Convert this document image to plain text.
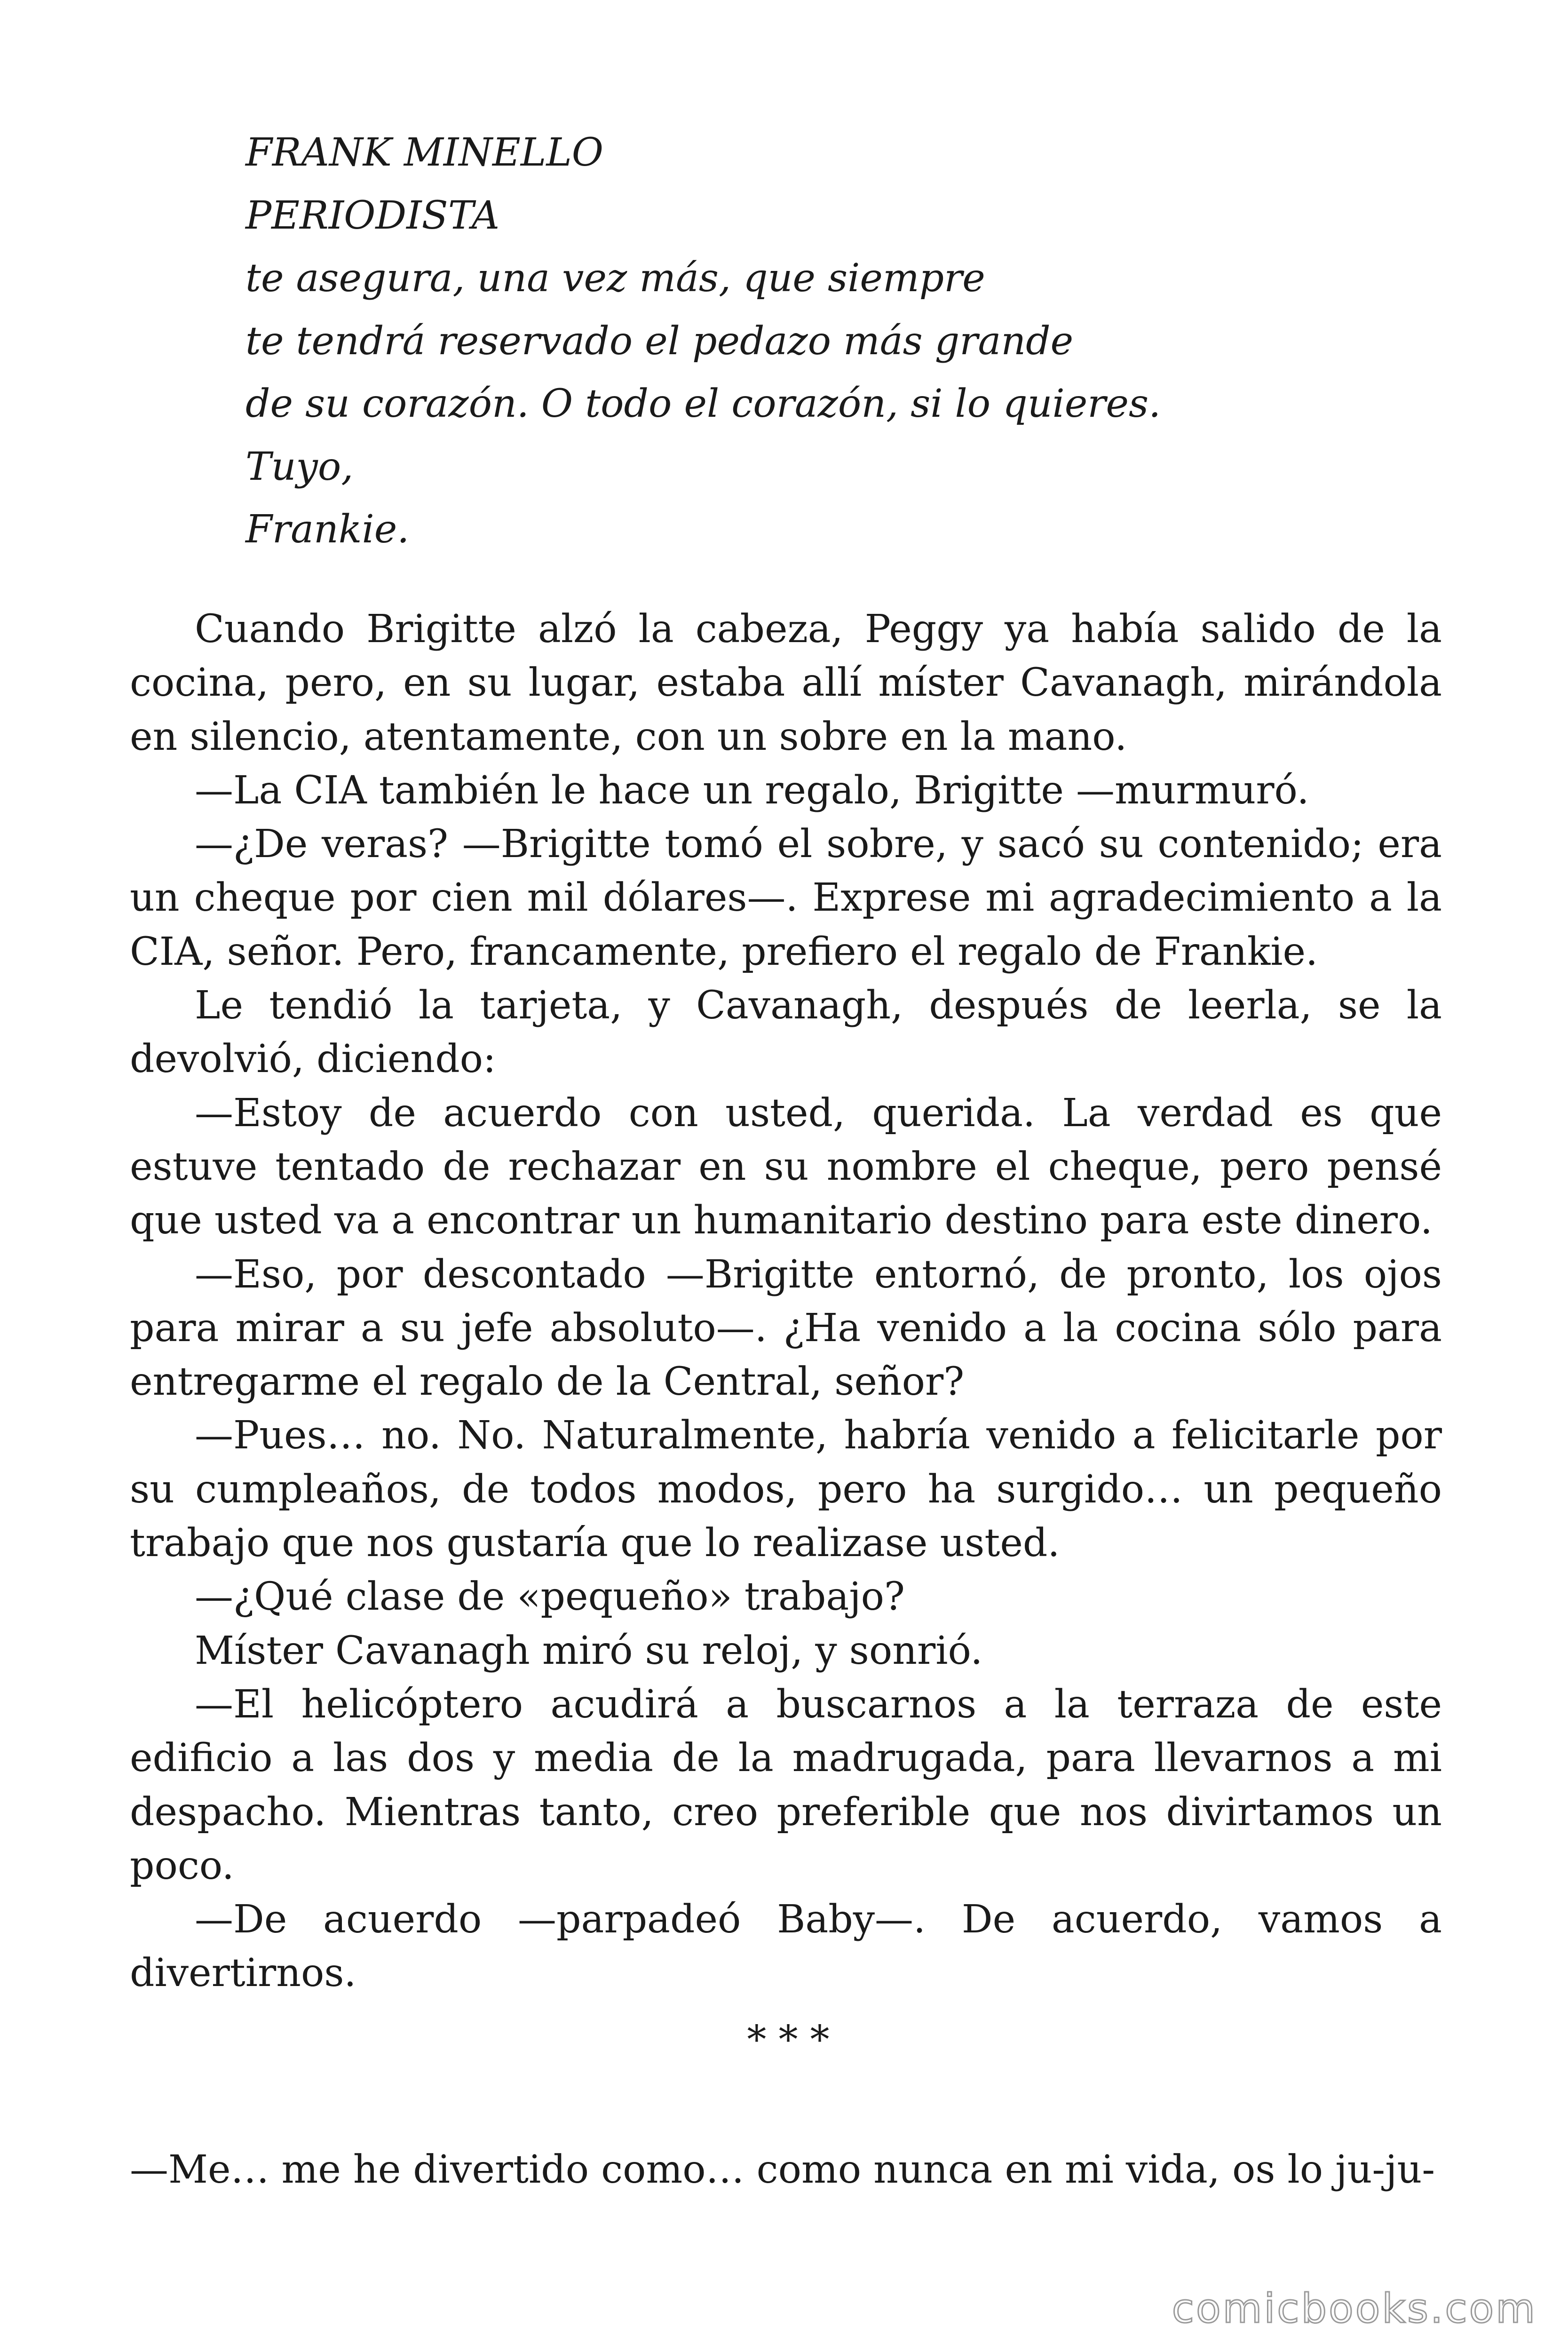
FRANK MINELLO
PERIODISTA
te asegura, una vez más, que siempre
te tendrá reservado el pedazo más grande
de su corazón. O todo el corazón, si lo quieres.
Tuyo,
Frankie.

Cuando Brigitte alzó la cabeza, Peggy ya había salido de la cocina, pero, en su lugar, estaba allí míster Cavanagh, mirándola en silencio, atentamente, con un sobre en la mano.

—La CIA también le hace un regalo, Brigitte —murmuró.

—¿De veras? —Brigitte tomó el sobre, y sacó su contenido; era un cheque por cien mil dólares—. Exprese mi agradecimiento a la CIA, señor. Pero, francamente, prefiero el regalo de Frankie.

Le tendió la tarjeta, y Cavanagh, después de leerla, se la devolvió, diciendo:

—Estoy de acuerdo con usted, querida. La verdad es que estuve tentado de rechazar en su nombre el cheque, pero pensé que usted va a encontrar un humanitario destino para este dinero.

—Eso, por descontado —Brigitte entornó, de pronto, los ojos para mirar a su jefe absoluto—. ¿Ha venido a la cocina sólo para entregarme el regalo de la Central, señor?

—Pues… no. No. Naturalmente, habría venido a felicitarle por su cumpleaños, de todos modos, pero ha surgido… un pequeño trabajo que nos gustaría que lo realizase usted.

—¿Qué clase de «pequeño» trabajo?

Míster Cavanagh miró su reloj, y sonrió.

—El helicóptero acudirá a buscarnos a la terraza de este edificio a las dos y media de la madrugada, para llevarnos a mi despacho. Mientras tanto, creo preferible que nos divirtamos un poco.

—De acuerdo —parpadeó Baby—. De acuerdo, vamos a divertirnos.

* * *
—Me… me he divertido como… como nunca en mi vida, os lo ju-ju-
comicbooks.com
